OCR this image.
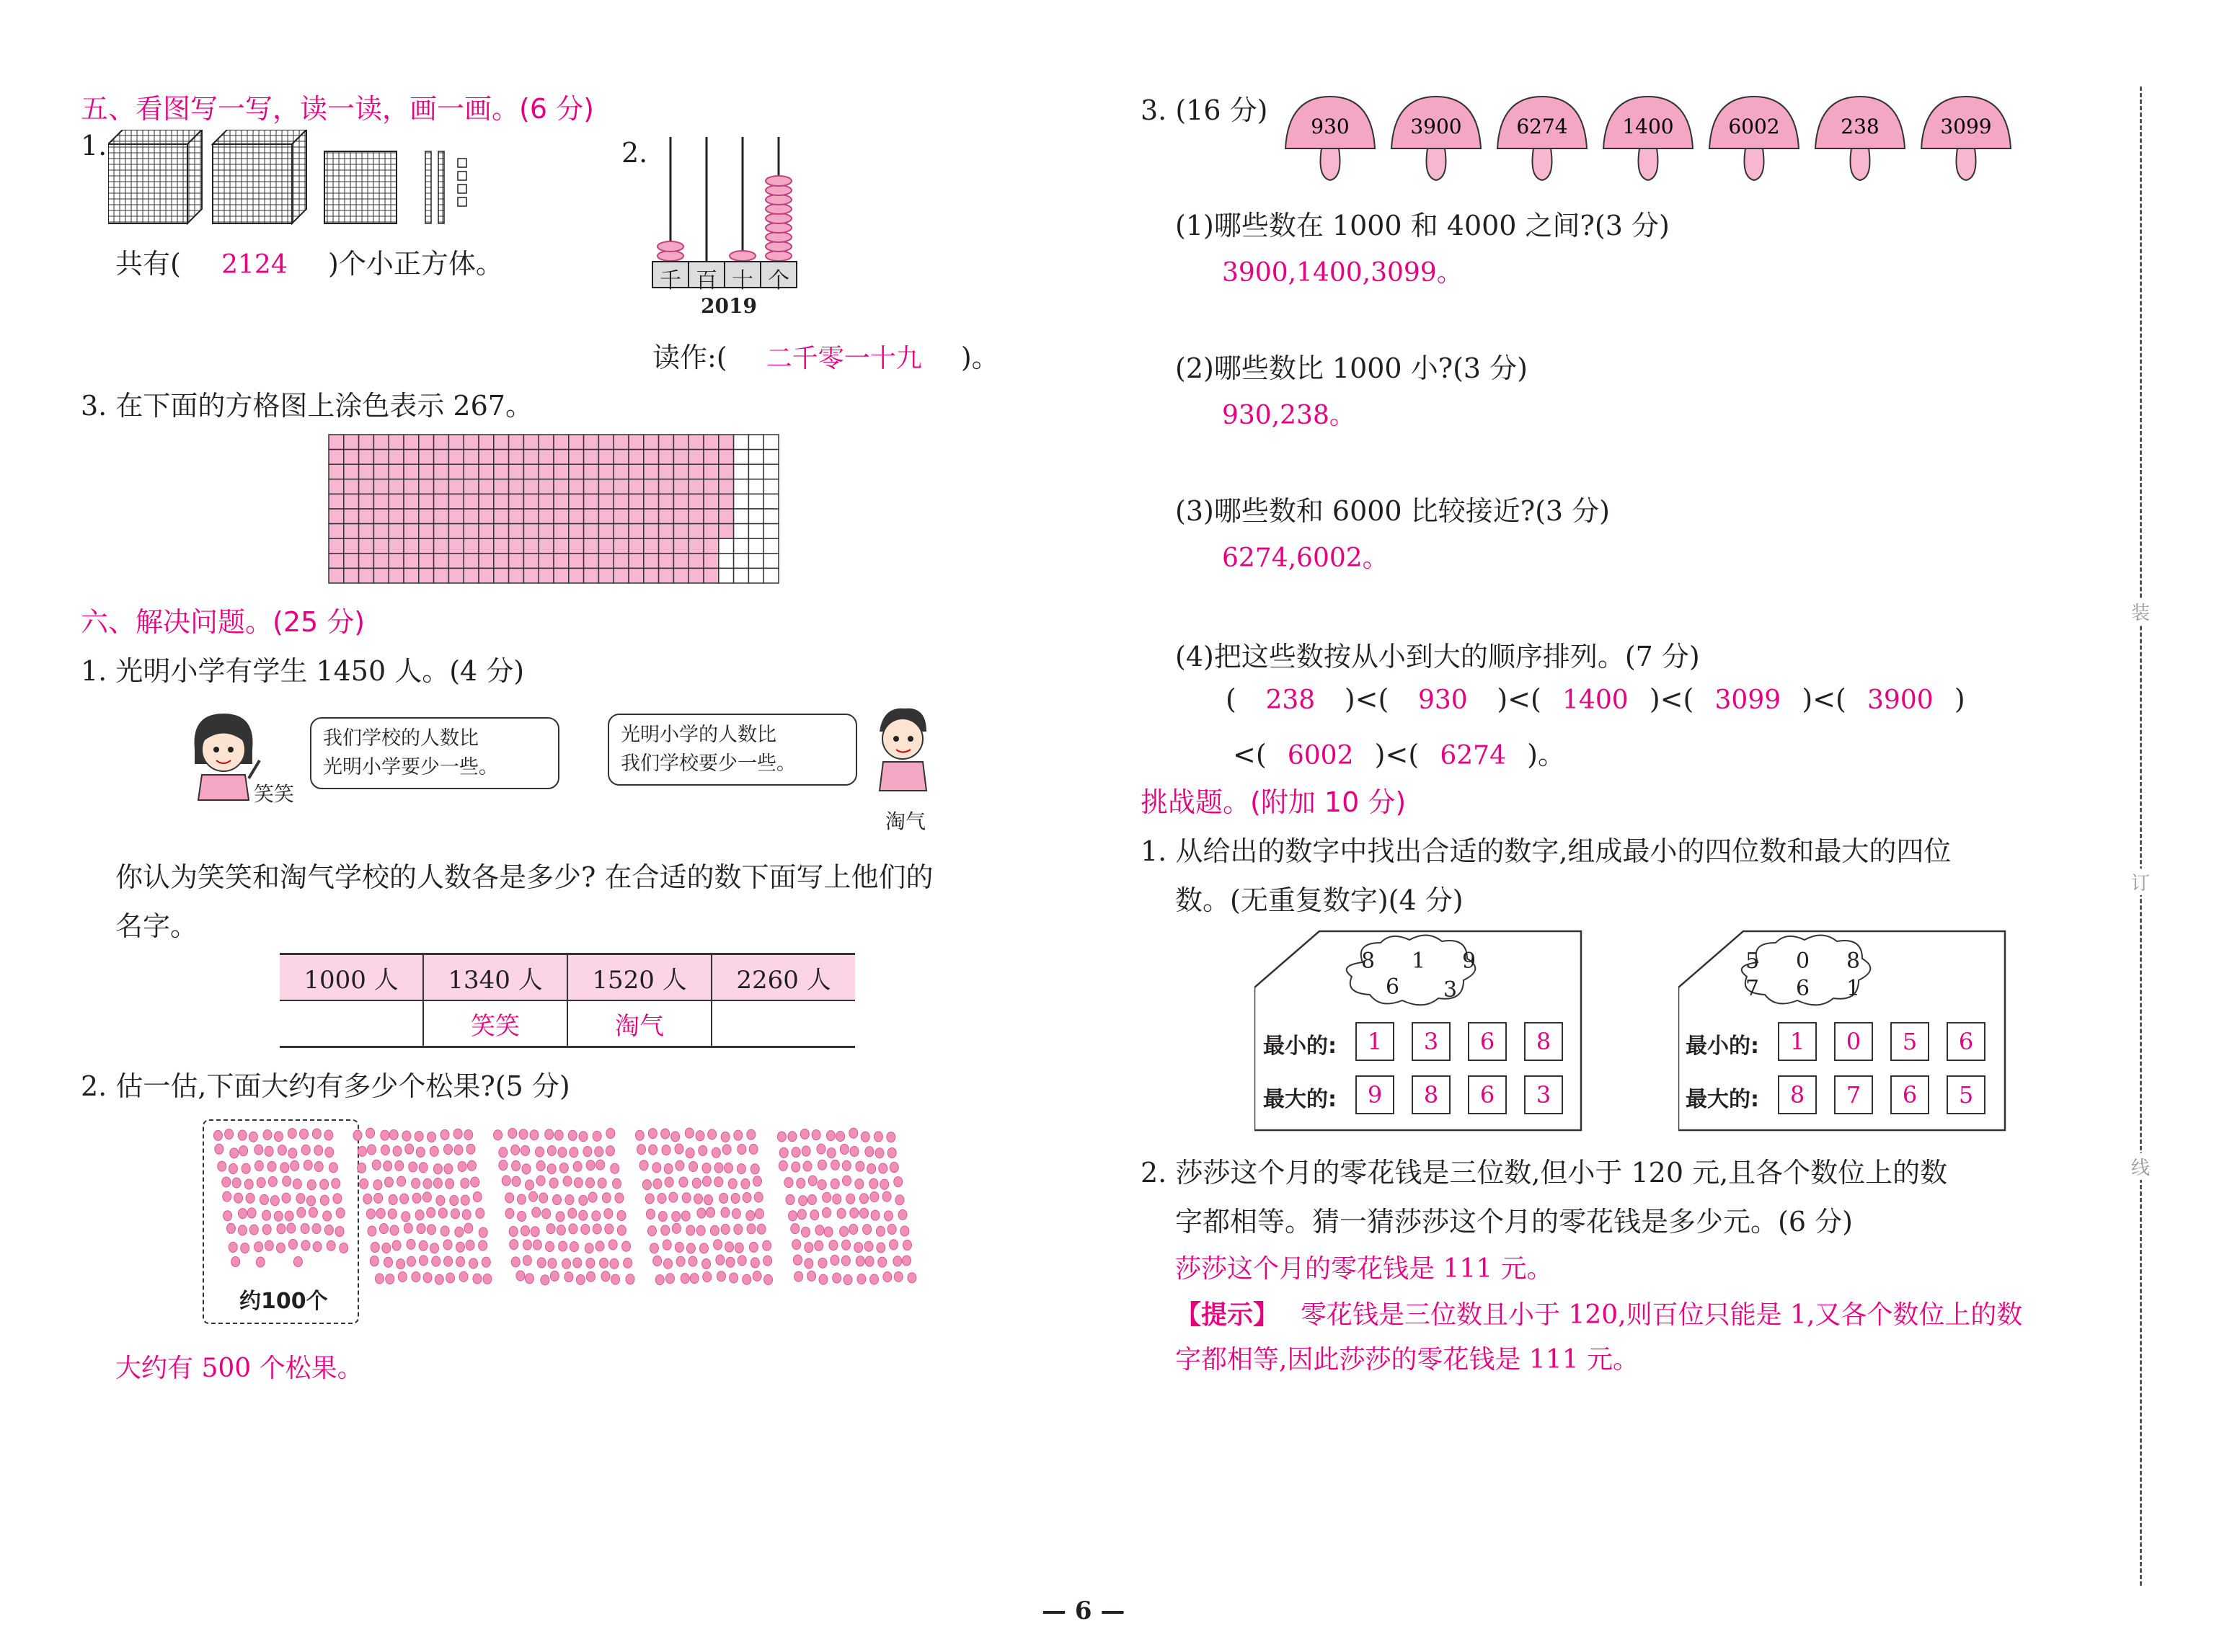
五、看图写一写，读一读，画一画。(6 分)
1.
共有( 2124 )个小正方体。
2.
千 百 十 个
2019
读作:( 二千零一十九 )。
3. 在下面的方格图上涂色表示 267。
六、解决问题。(25 分)
1. 光明小学有学生 1450 人。(4 分)
笑笑
我们学校的人数比
光明小学要少一些。
光明小学的人数比
我们学校要少一些。
淘气
你认为笑笑和淘气学校的人数各是多少? 在合适的数下面写上他们的
名字。
1000 人	1340 人	1520 人	2260 人
	笑笑	淘气	
2. 估一估,下面大约有多少个松果?(5 分)
约100个
大约有 500 个松果。
3. (16 分)
930	3900	6274	1400	6002	238	3099
(1)哪些数在 1000 和 4000 之间?(3 分)
3900,1400,3099。
(2)哪些数比 1000 小?(3 分)
930,238。
(3)哪些数和 6000 比较接近?(3 分)
6274,6002。
(4)把这些数按从小到大的顺序排列。(7 分)
( 238 )<( 930 )<( 1400 )<( 3099 )<( 3900 )
<( 6002 )<( 6274 )。
挑战题。(附加 10 分)
1. 从给出的数字中找出合适的数字,组成最小的四位数和最大的四位
数。(无重复数字)(4 分)
8 1 9
6 3
最小的:
最大的:
1	3	6	8
9	8	6	3
5 0 8
7 6 1
最小的:
最大的:
1	0	5	6
8	7	6	5
2. 莎莎这个月的零花钱是三位数,但小于 120 元,且各个数位上的数
字都相等。猜一猜莎莎这个月的零花钱是多少元。(6 分)
莎莎这个月的零花钱是 111 元。
【提示】 零花钱是三位数且小于 120,则百位只能是 1,又各个数位上的数
字都相等,因此莎莎的零花钱是 111 元。
装
订
线
— 6 —
